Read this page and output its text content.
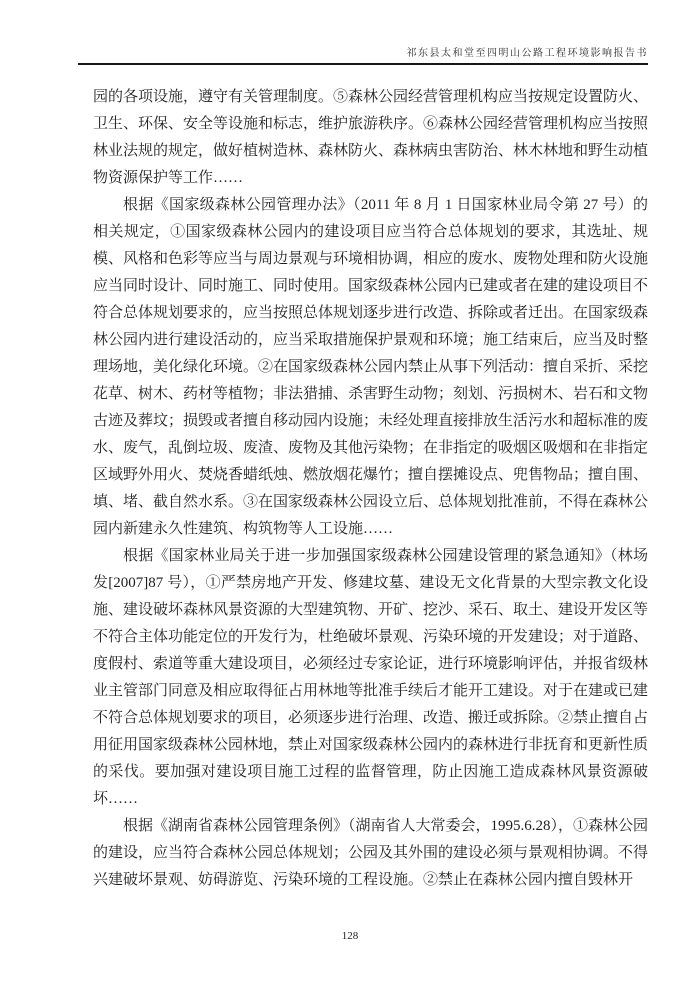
祁东县太和堂至四明山公路工程环境影响报告书

园的各项设施，遵守有关管理制度。⑤森林公园经营管理机构应当按规定设置防火、卫生、环保、安全等设施和标志，维护旅游秩序。⑥森林公园经营管理机构应当按照林业法规的规定，做好植树造林、森林防火、森林病虫害防治、林木林地和野生动植物资源保护等工作……

根据《国家级森林公园管理办法》（2011 年 8 月 1 日国家林业局令第 27 号）的相关规定，①国家级森林公园内的建设项目应当符合总体规划的要求，其选址、规模、风格和色彩等应当与周边景观与环境相协调，相应的废水、废物处理和防火设施应当同时设计、同时施工、同时使用。国家级森林公园内已建或者在建的建设项目不符合总体规划要求的，应当按照总体规划逐步进行改造、拆除或者迁出。在国家级森林公园内进行建设活动的，应当采取措施保护景观和环境；施工结束后，应当及时整理场地，美化绿化环境。②在国家级森林公园内禁止从事下列活动：擅自采折、采挖花草、树木、药材等植物；非法猎捕、杀害野生动物；刻划、污损树木、岩石和文物古迹及葬坟；损毁或者擅自移动园内设施；未经处理直接排放生活污水和超标准的废水、废气，乱倒垃圾、废渣、废物及其他污染物；在非指定的吸烟区吸烟和在非指定区域野外用火、焚烧香蜡纸烛、燃放烟花爆竹；擅自摆摊设点、兜售物品；擅自围、填、堵、截自然水系。③在国家级森林公园设立后、总体规划批准前，不得在森林公园内新建永久性建筑、构筑物等人工设施……

根据《国家林业局关于进一步加强国家级森林公园建设管理的紧急通知》（林场发[2007]87 号），①严禁房地产开发、修建坟墓、建设无文化背景的大型宗教文化设施、建设破坏森林风景资源的大型建筑物、开矿、挖沙、采石、取土、建设开发区等不符合主体功能定位的开发行为，杜绝破坏景观、污染环境的开发建设；对于道路、度假村、索道等重大建设项目，必须经过专家论证，进行环境影响评估，并报省级林业主管部门同意及相应取得征占用林地等批准手续后才能开工建设。对于在建或已建不符合总体规划要求的项目，必须逐步进行治理、改造、搬迁或拆除。②禁止擅自占用征用国家级森林公园林地，禁止对国家级森林公园内的森林进行非抚育和更新性质的采伐。要加强对建设项目施工过程的监督管理，防止因施工造成森林风景资源破坏……

根据《湖南省森林公园管理条例》（湖南省人大常委会，1995.6.28），①森林公园的建设，应当符合森林公园总体规划；公园及其外围的建设必须与景观相协调。不得兴建破坏景观、妨碍游览、污染环境的工程设施。②禁止在森林公园内擅自毁林开

128
